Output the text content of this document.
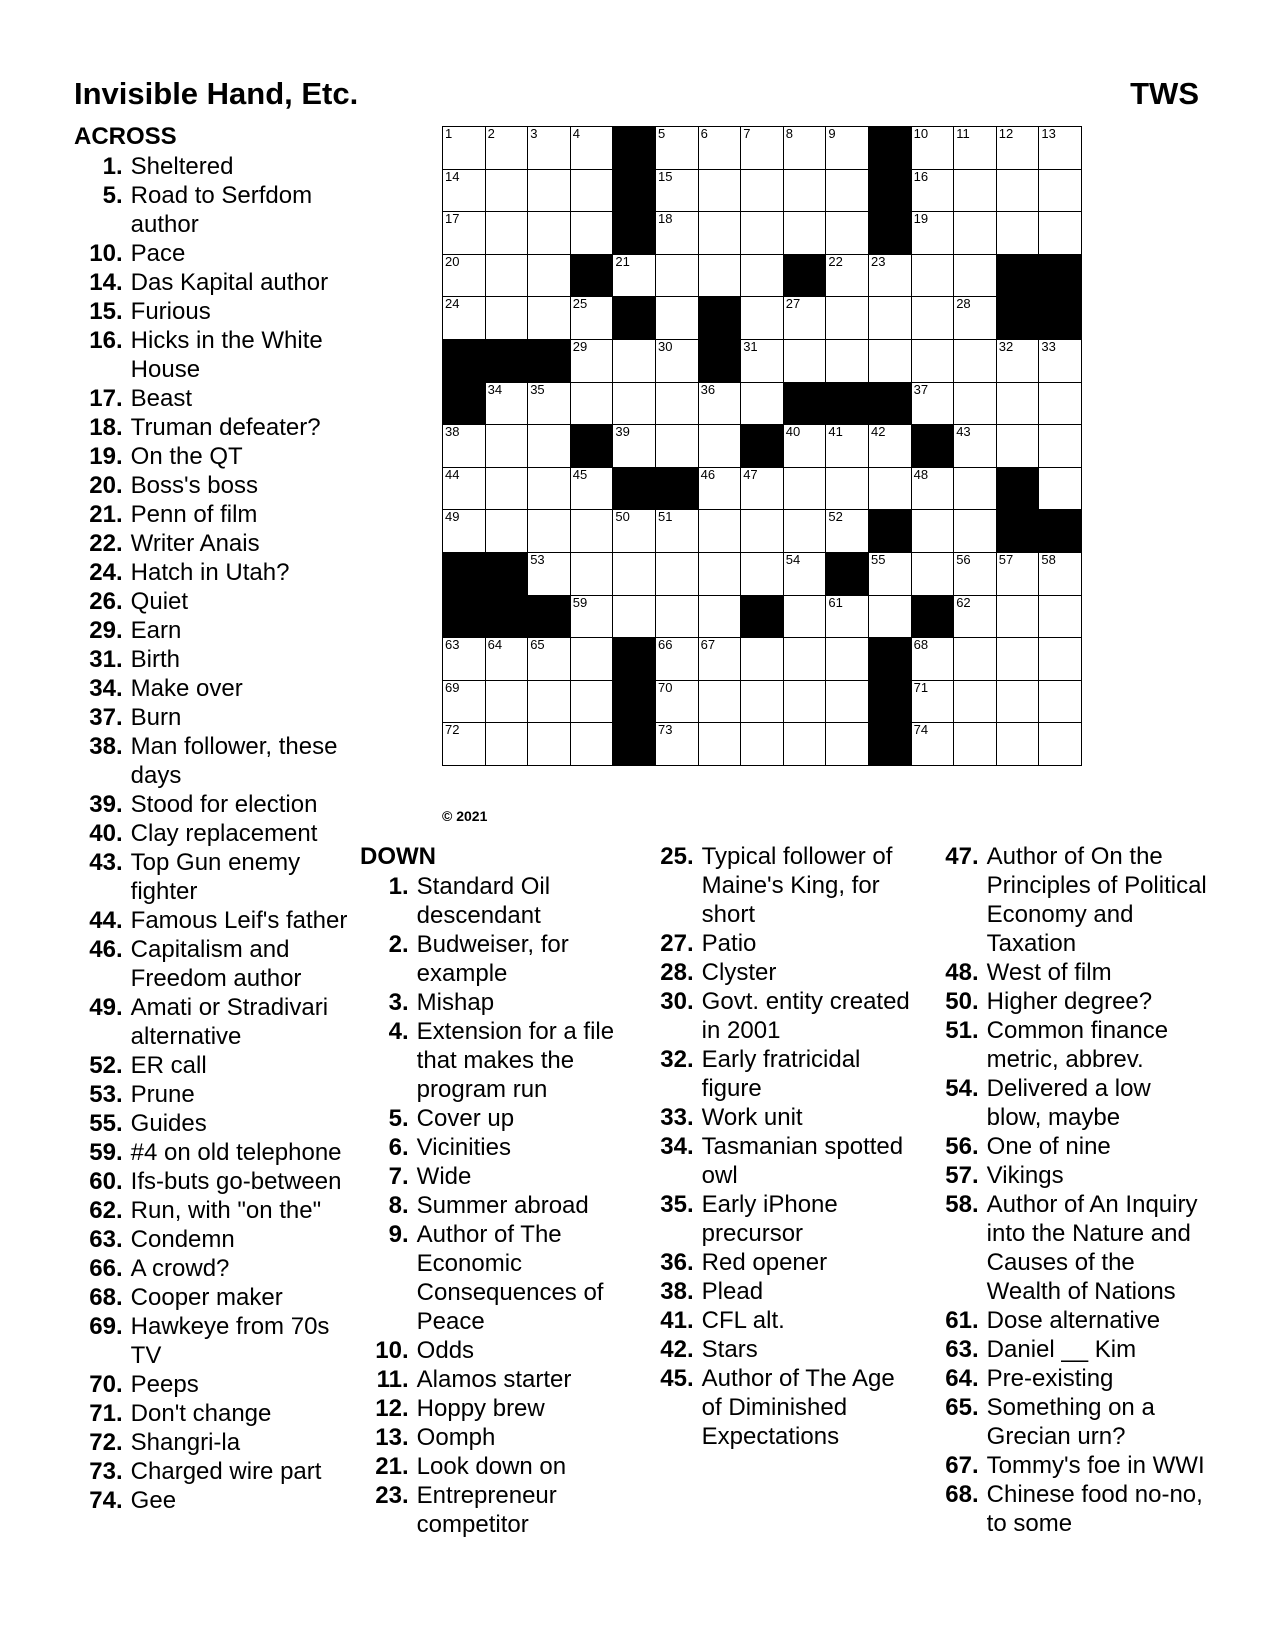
Invisible Hand, Etc.	TWS
ACROSS
1 . Sheltered
5 . Road to Serfdom author
10 . Pace
14 . Das Kapital author
15 . Furious
16 . Hicks in the White House
17 . Beast
18 . Truman defeater?
19 . On the QT
20 . Boss's boss
21 . Penn of film
22 . Writer Anais
24 . Hatch in Utah?
26 . Quiet
29 . Earn
31 . Birth
34 . Make over
37 . Burn
38 . Man follower, these days
39 . Stood for election
40 . Clay replacement
43 . Top Gun enemy fighter
44 . Famous Leif's father
46 . Capitalism and Freedom author
49 . Amati or Stradivari alternative
52 . ER call
53 . Prune
55 . Guides
59 . #4 on old telephone
60 . Ifs-buts go-between
62 . Run, with "on the"
63 . Condemn
66 . A crowd?
68 . Cooper maker
69 . Hawkeye from 70s TV
70 . Peeps
71 . Don't change
72 . Shangri-la
73 . Charged wire part
74 . Gee
1	2	3	4	5	6	7	8	9	10 11 12 13
14	15	16
17	18	19
20	21	22 23
24	25	27	28
29	30	31	32 33
34 35	36	37
38	39	40 41 42	43
44	45	46 47	48
49	50 51	52
53	54	55	56 57 58
59	61	62
63 64 65	66 67	68
69	70	71
72	73	74
© 2021
DOWN
1 . Standard Oil descendant
2 . Budweiser, for example
3 . Mishap
4 . Extension for a file that makes the program run
5 . Cover up
6 . Vicinities
7 . Wide
8 . Summer abroad
9 . Author of The Economic Consequences of Peace
10 . Odds
11 . Alamos starter
12 . Hoppy brew
13 . Oomph
21 . Look down on
23 . Entrepreneur competitor
25 . Typical follower of Maine's King, for short
27 . Patio
28 . Clyster
30 . Govt. entity created in 2001
32 . Early fratricidal figure
33 . Work unit
34 . Tasmanian spotted owl
35 . Early iPhone precursor
36 . Red opener
38 . Plead
41 . CFL alt.
42 . Stars
45 . Author of The Age of Diminished Expectations
47 . Author of On the Principles of Political Economy and Taxation
48 . West of film
50 . Higher degree?
51 . Common finance metric, abbrev.
54 . Delivered a low blow, maybe
56 . One of nine
57 . Vikings
58 . Author of An Inquiry into the Nature and Causes of the Wealth of Nations
61 . Dose alternative
63 . Daniel __ Kim
64 . Pre-existing
65 . Something on a Grecian urn?
67 . Tommy's foe in WWI
68 . Chinese food no-no, to some
